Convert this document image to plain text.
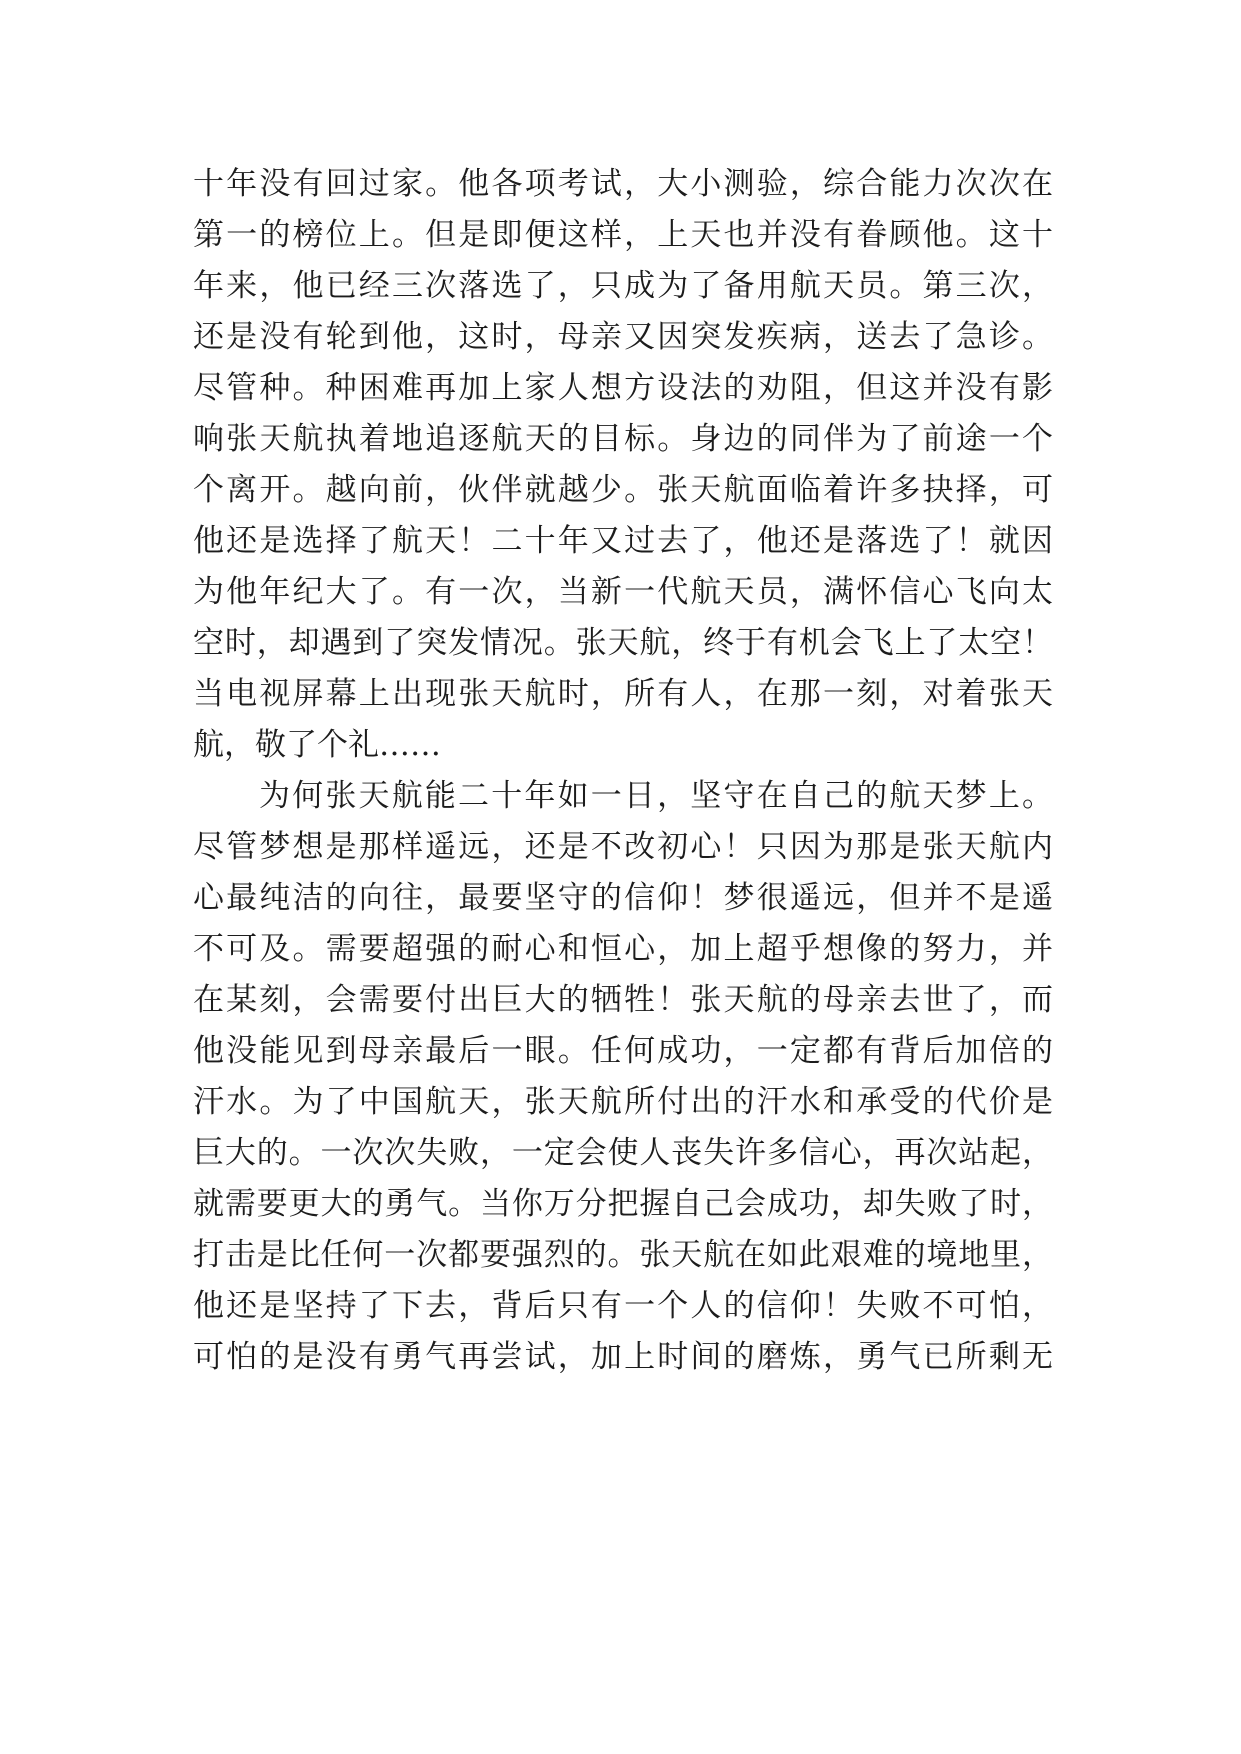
十年没有回过家。他各项考试，大小测验，综合能力次次在
第一的榜位上。但是即便这样，上天也并没有眷顾他。这十
年来，他已经三次落选了，只成为了备用航天员。第三次，
还是没有轮到他，这时，母亲又因突发疾病，送去了急诊。
尽管种。种困难再加上家人想方设法的劝阻，但这并没有影
响张天航执着地追逐航天的目标。身边的同伴为了前途一个
个离开。越向前，伙伴就越少。张天航面临着许多抉择，可
他还是选择了航天！二十年又过去了，他还是落选了！就因
为他年纪大了。有一次，当新一代航天员，满怀信心飞向太
空时，却遇到了突发情况。张天航，终于有机会飞上了太空！
当电视屏幕上出现张天航时，所有人，在那一刻，对着张天
航，敬了个礼……
为何张天航能二十年如一日，坚守在自己的航天梦上。
尽管梦想是那样遥远，还是不改初心！只因为那是张天航内
心最纯洁的向往，最要坚守的信仰！梦很遥远，但并不是遥
不可及。需要超强的耐心和恒心，加上超乎想像的努力，并
在某刻，会需要付出巨大的牺牲！张天航的母亲去世了，而
他没能见到母亲最后一眼。任何成功，一定都有背后加倍的
汗水。为了中国航天，张天航所付出的汗水和承受的代价是
巨大的。一次次失败，一定会使人丧失许多信心，再次站起，
就需要更大的勇气。当你万分把握自己会成功，却失败了时，
打击是比任何一次都要强烈的。张天航在如此艰难的境地里，
他还是坚持了下去，背后只有一个人的信仰！失败不可怕，
可怕的是没有勇气再尝试，加上时间的磨炼，勇气已所剩无
